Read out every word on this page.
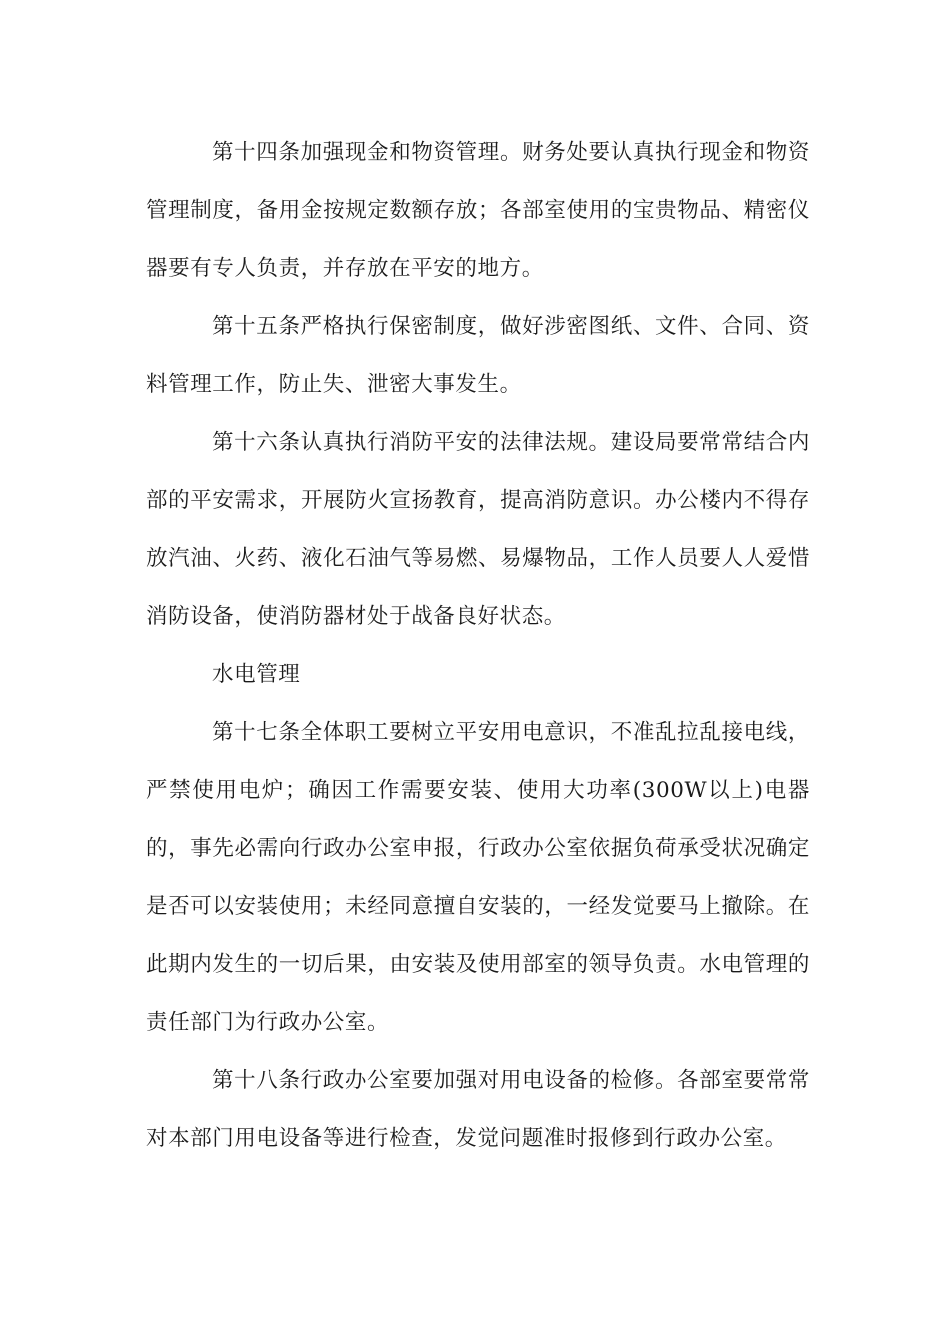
第十四条加强现金和物资管理。财务处要认真执行现金和物资管理制度，备用金按规定数额存放；各部室使用的宝贵物品、精密仪器要有专人负责，并存放在平安的地方。

第十五条严格执行保密制度，做好涉密图纸、文件、合同、资料管理工作，防止失、泄密大事发生。

第十六条认真执行消防平安的法律法规。建设局要常常结合内部的平安需求，开展防火宣扬教育，提高消防意识。办公楼内不得存放汽油、火药、液化石油气等易燃、易爆物品，工作人员要人人爱惜消防设备，使消防器材处于战备良好状态。

水电管理

第十七条全体职工要树立平安用电意识，不准乱拉乱接电线，严禁使用电炉；确因工作需要安装、使用大功率(300W以上)电器的，事先必需向行政办公室申报，行政办公室依据负荷承受状况确定是否可以安装使用；未经同意擅自安装的，一经发觉要马上撤除。在此期内发生的一切后果，由安装及使用部室的领导负责。水电管理的责任部门为行政办公室。

第十八条行政办公室要加强对用电设备的检修。各部室要常常对本部门用电设备等进行检查，发觉问题准时报修到行政办公室。
